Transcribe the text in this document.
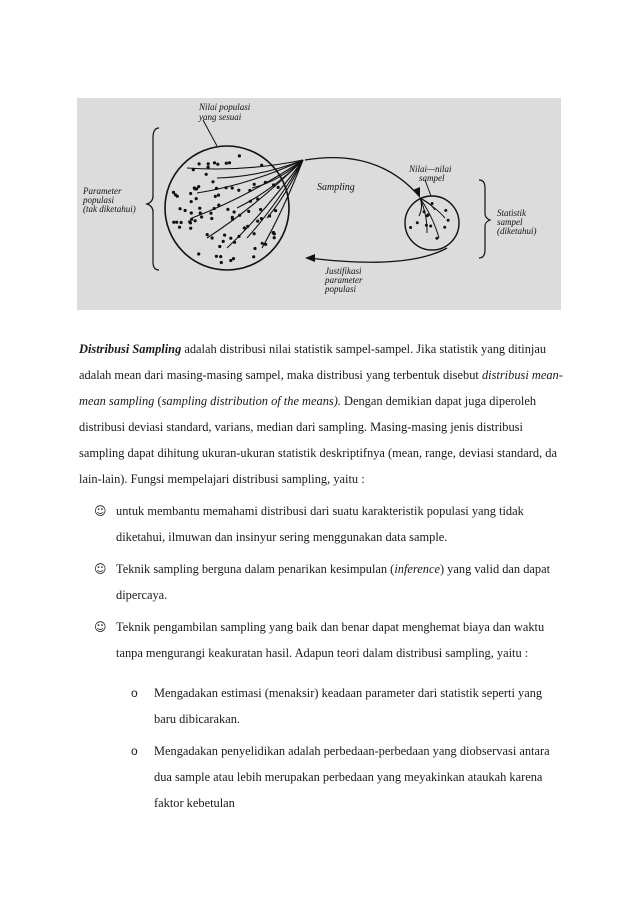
Nilai populasi
yang sesuai
Parameter
populasi
(tak diketahui)
Sampling
Nilai—nilai
sampel
Statistik
sampel
(diketahui)
Justifikasi
parameter
populasi

Distribusi Sampling adalah distribusi nilai statistik sampel-sampel. Jika statistik yang ditinjau adalah mean dari masing-masing sampel, maka distribusi yang terbentuk disebut distribusi mean-mean sampling (sampling distribution of the means). Dengan demikian dapat juga diperoleh distribusi deviasi standard, varians, median dari sampling. Masing-masing jenis distribusi sampling dapat dihitung ukuran-ukuran statistik deskriptifnya (mean, range, deviasi standard, da lain-lain). Fungsi mempelajari distribusi sampling, yaitu :

☺ untuk membantu memahami distribusi dari suatu karakteristik populasi yang tidak diketahui, ilmuwan dan insinyur sering menggunakan data sample.
☺ Teknik sampling berguna dalam penarikan kesimpulan (inference) yang valid dan dapat dipercaya.
☺ Teknik pengambilan sampling yang baik dan benar dapat menghemat biaya dan waktu tanpa mengurangi keakuratan hasil. Adapun teori dalam distribusi sampling, yaitu :
o Mengadakan estimasi (menaksir) keadaan parameter dari statistik seperti yang baru dibicarakan.
o Mengadakan penyelidikan adalah perbedaan-perbedaan yang diobservasi antara dua sample atau lebih merupakan perbedaan yang meyakinkan ataukah karena faktor kebetulan
